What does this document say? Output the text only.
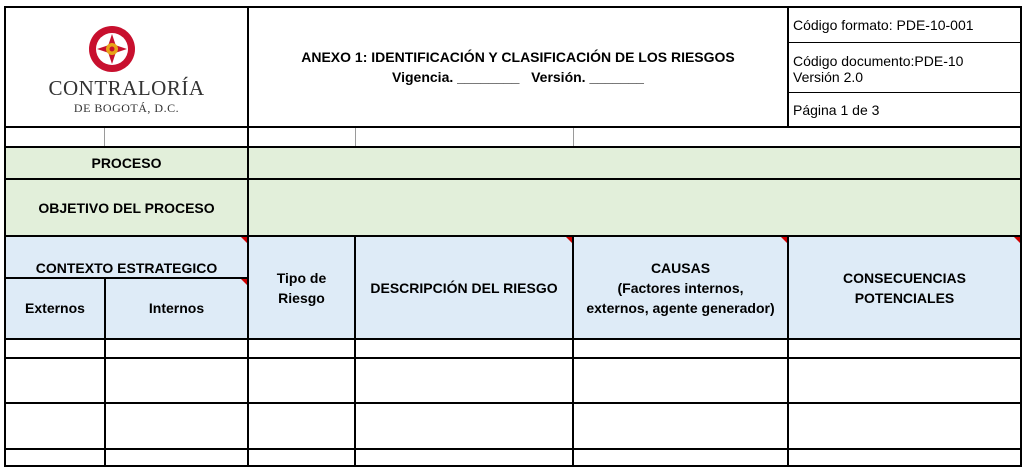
CONTRALORÍA
DE BOGOTÁ, D.C.
ANEXO 1: IDENTIFICACIÓN Y CLASIFICACIÓN DE LOS RIESGOS
Vigencia. ________   Versión. _______
Código formato: PDE-10-001
Código documento:PDE-10
Versión 2.0
Página 1 de 3
PROCESO
OBJETIVO DEL PROCESO
CONTEXTO ESTRATEGICO
Externos	Internos
Tipo de
Riesgo
DESCRIPCIÓN DEL RIESGO
CAUSAS
(Factores internos,
externos, agente generador)
CONSECUENCIAS
POTENCIALES
